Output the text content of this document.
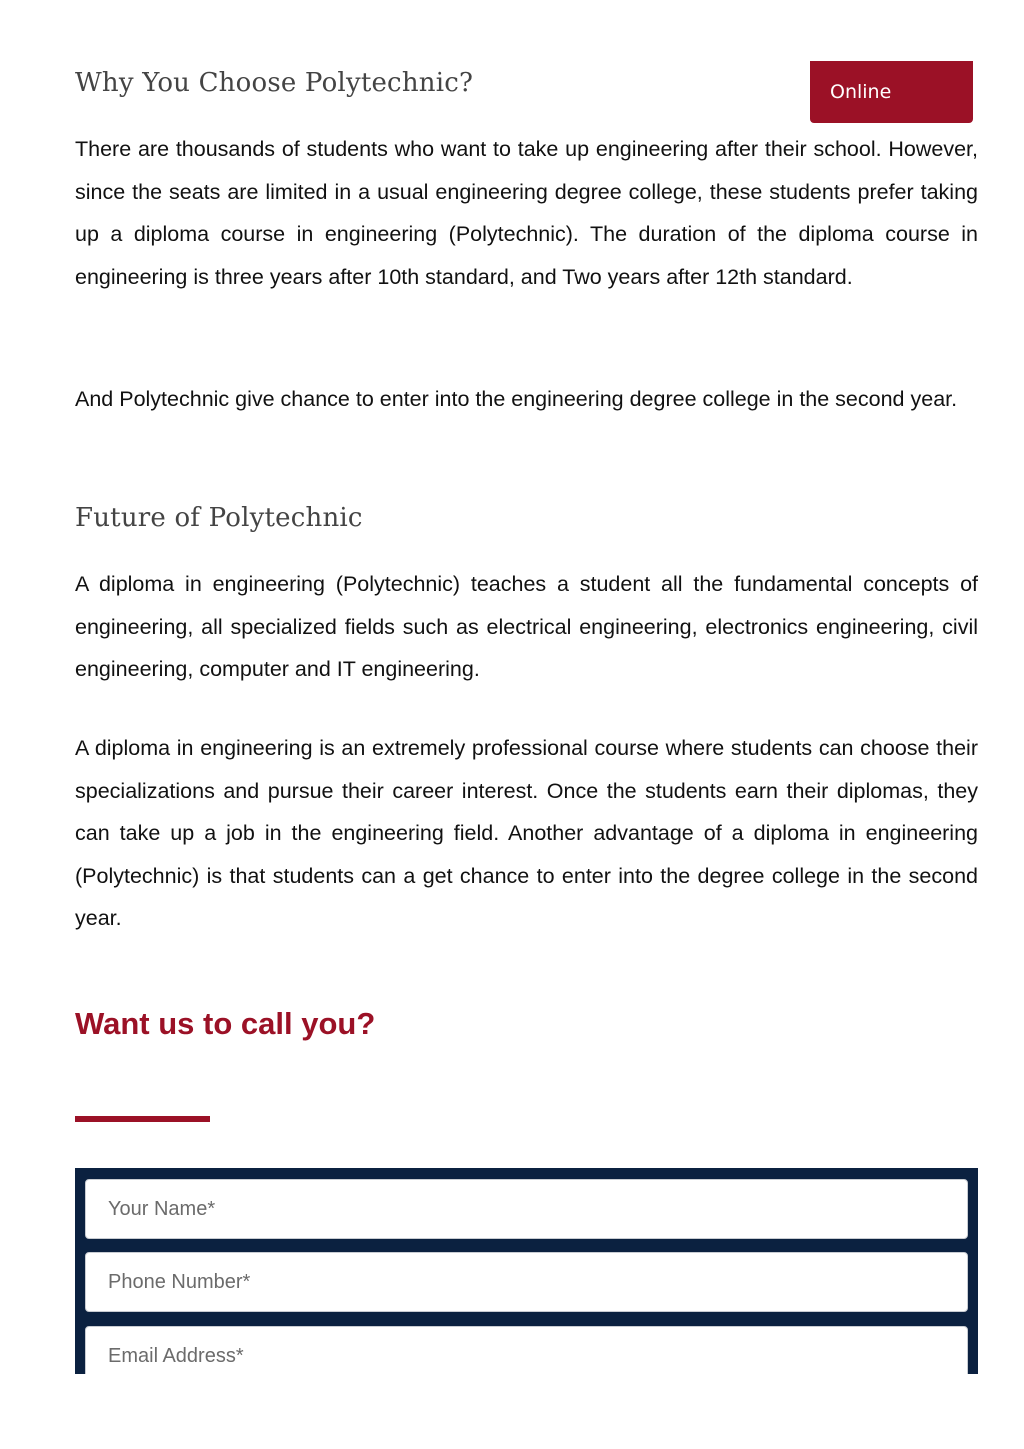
Why You Choose Polytechnic?

There are thousands of students who want to take up engineering after their school. However, since the seats are limited in a usual engineering degree college, these students prefer taking up a diploma course in engineering (Polytechnic). The duration of the diploma course in engineering is three years after 10th standard, and Two years after 12th standard.

And Polytechnic give chance to enter into the engineering degree college in the second year.

Future of Polytechnic

A diploma in engineering (Polytechnic) teaches a student all the fundamental concepts of engineering, all specialized fields such as electrical engineering, electronics engineering, civil engineering, computer and IT engineering.

A diploma in engineering is an extremely professional course where students can choose their specializations and pursue their career interest. Once the students earn their diplomas, they can take up a job in the engineering field. Another advantage of a diploma in engineering (Polytechnic) is that students can a get chance to enter into the degree college in the second year.

Online
Want us to call you?
Your Name*
Phone Number*
Email Address*
